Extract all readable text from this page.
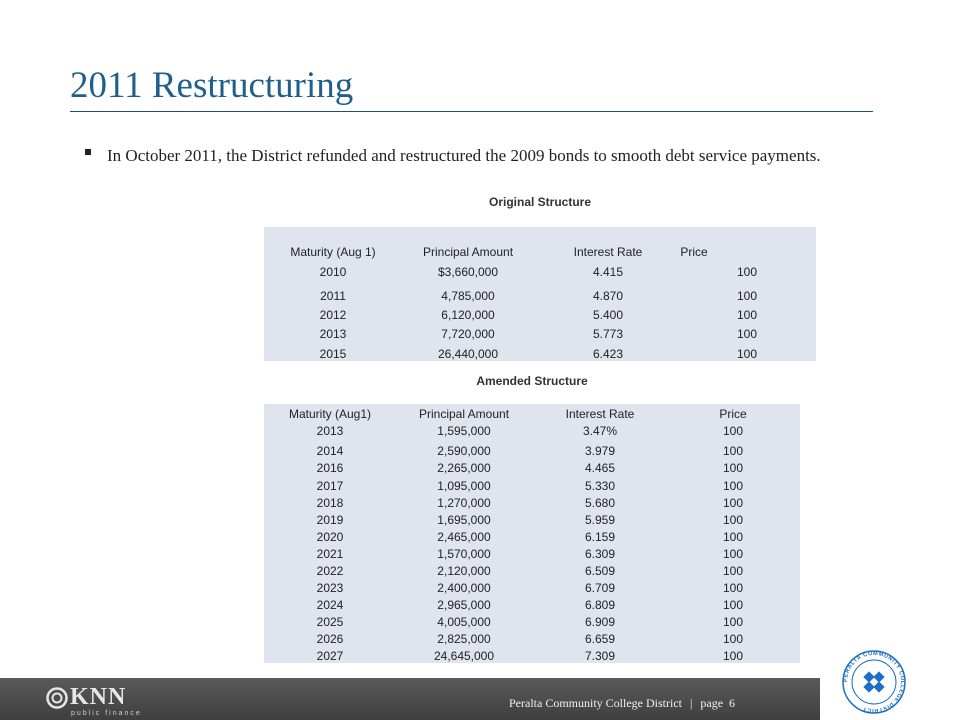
2011 Restructuring
In October 2011, the District refunded and restructured the 2009 bonds to smooth debt service payments.
Original Structure
Maturity (Aug 1)	Principal Amount	Interest Rate	Price
2010	$3,660,000	4.415	100
2011	4,785,000	4.870	100
2012	6,120,000	5.400	100
2013	7,720,000	5.773	100
2015	26,440,000	6.423	100
Amended Structure
Maturity (Aug1)	Principal Amount	Interest Rate	Price
2013	1,595,000	3.47%	100
2014	2,590,000	3.979	100
2016	2,265,000	4.465	100
2017	1,095,000	5.330	100
2018	1,270,000	5.680	100
2019	1,695,000	5.959	100
2020	2,465,000	6.159	100
2021	1,570,000	6.309	100
2022	2,120,000	6.509	100
2023	2,400,000	6.709	100
2024	2,965,000	6.809	100
2025	4,005,000	6.909	100
2026	2,825,000	6.659	100
2027	24,645,000	7.309	100
KNN
public finance
Peralta Community College District | page 6
PERALTA COMMUNITY COLLEGE DISTRICT
